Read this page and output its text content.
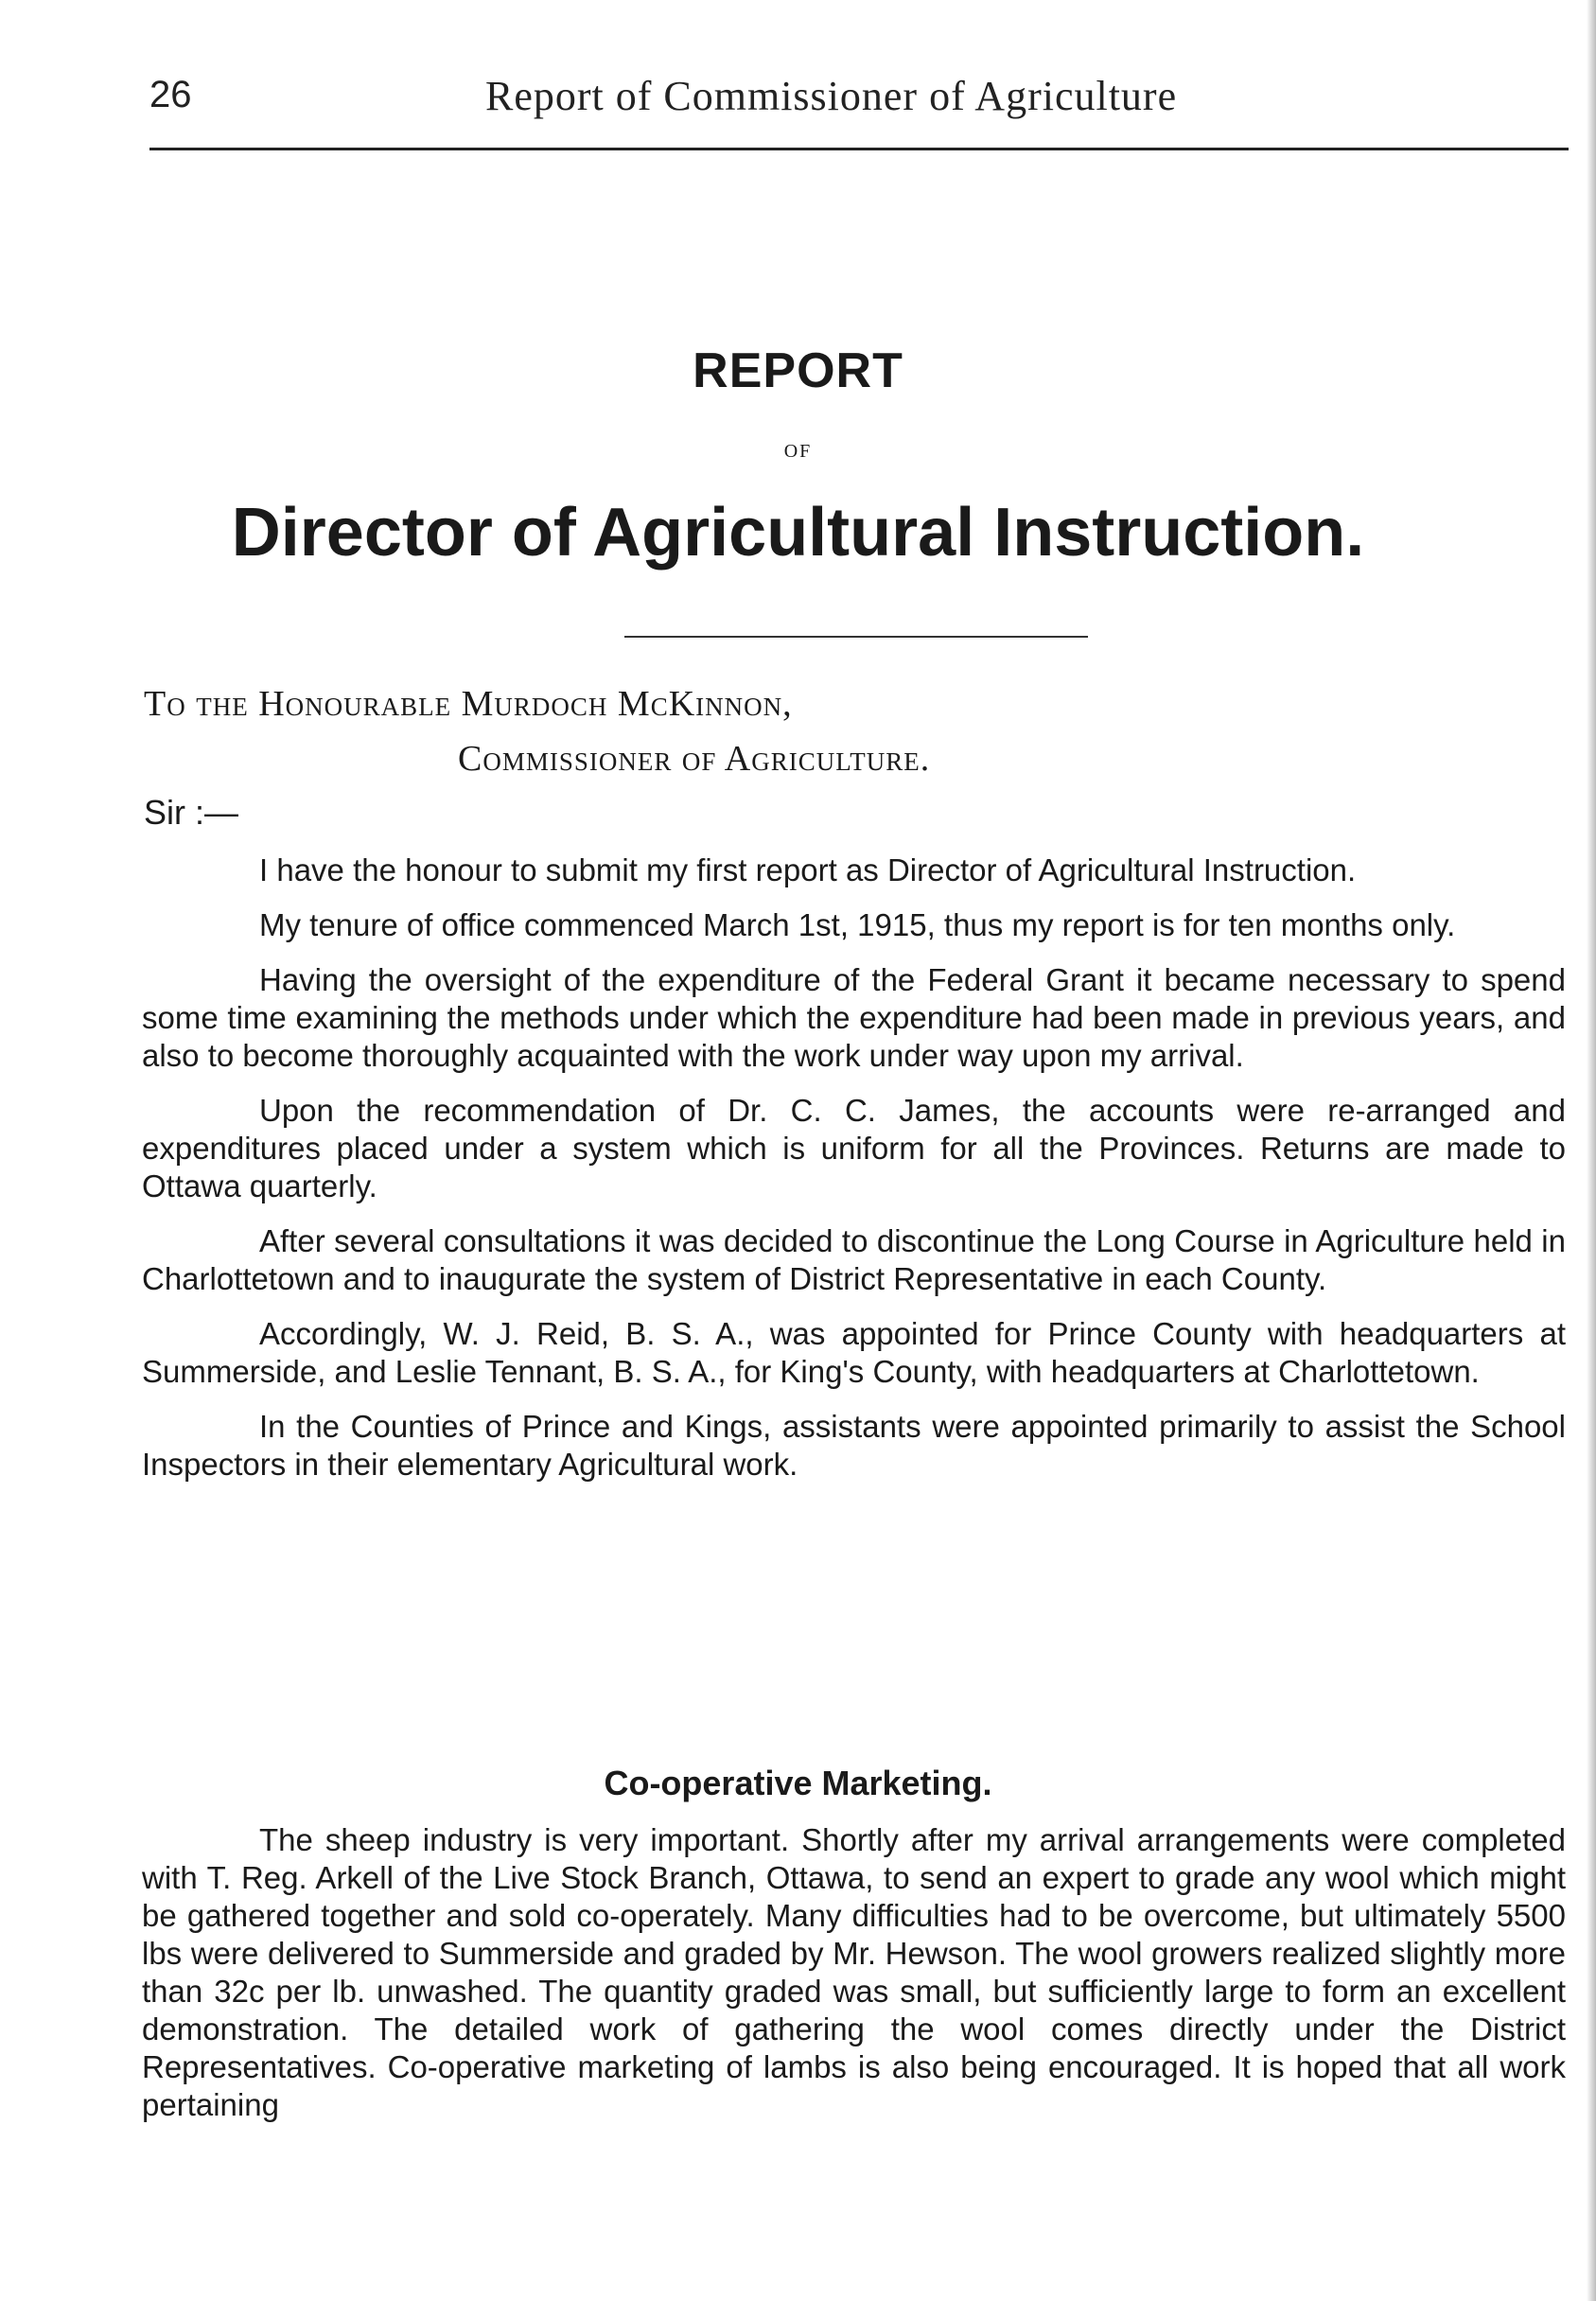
26	Report of Commissioner of Agriculture
REPORT
OF
Director of Agricultural Instruction.
To the Honourable Murdoch McKinnon,
Commissioner of Agriculture.
Sir :—

I have the honour to submit my first report as Director of Agricultural Instruction.

My tenure of office commenced March 1st, 1915, thus my report is for ten months only.

Having the oversight of the expenditure of the Federal Grant it became necessary to spend some time examining the methods under which the expenditure had been made in previous years, and also to become thoroughly acquainted with the work under way upon my arrival.

Upon the recommendation of Dr. C. C. James, the accounts were re-arranged and expenditures placed under a system which is uniform for all the Provinces. Returns are made to Ottawa quarterly.

After several consultations it was decided to discontinue the Long Course in Agriculture held in Charlottetown and to inaugurate the system of District Representative in each County.

Accordingly, W. J. Reid, B. S. A., was appointed for Prince County with headquarters at Summerside, and Leslie Tennant, B. S. A., for King's County, with headquarters at Charlottetown.

In the Counties of Prince and Kings, assistants were appointed primarily to assist the School Inspectors in their elementary Agricultural work.

Co-operative Marketing.

The sheep industry is very important. Shortly after my arrival arrangements were completed with T. Reg. Arkell of the Live Stock Branch, Ottawa, to send an expert to grade any wool which might be gathered together and sold co-operately. Many difficulties had to be overcome, but ultimately 5500 lbs were delivered to Summerside and graded by Mr. Hewson. The wool growers realized slightly more than 32c per lb. unwashed. The quantity graded was small, but sufficiently large to form an excellent demonstration. The detailed work of gathering the wool comes directly under the District Representatives. Co-operative marketing of lambs is also being encouraged. It is hoped that all work pertaining
